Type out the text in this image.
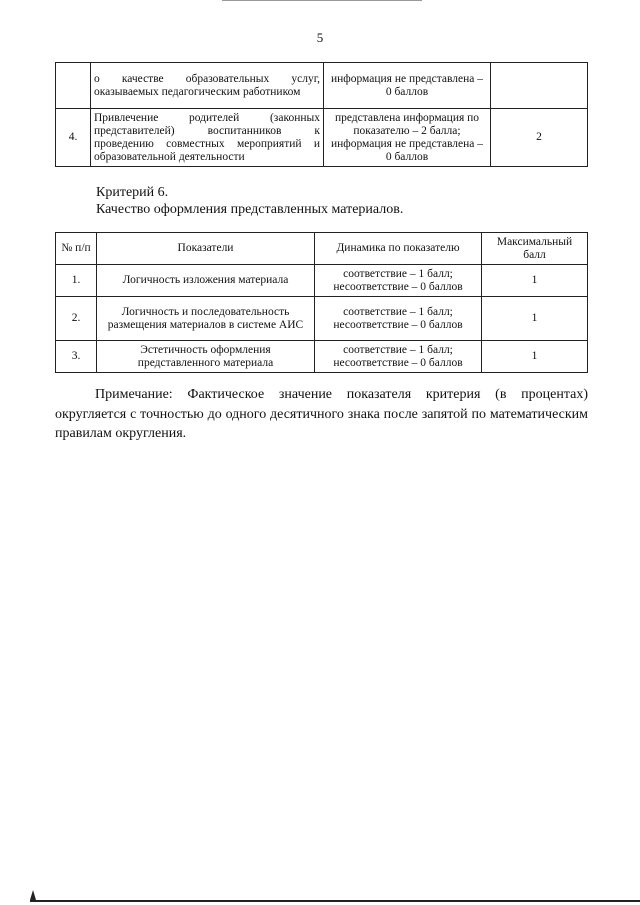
5
	о качестве образовательных услуг, оказываемых педагогическим работником	информация не представлена – 0 баллов	
4.	Привлечение родителей (законных представителей) воспитанников к проведению совместных мероприятий и образовательной деятельности	представлена информация по показателю – 2 балла; информация не представлена – 0 баллов	2
Критерий 6.
Качество оформления представленных материалов.
№ п/п	Показатели	Динамика по показателю	Максимальный балл
1.	Логичность изложения материала	соответствие – 1 балл; несоответствие – 0 баллов	1
2.	Логичность и последовательность размещения материалов в системе АИС	соответствие – 1 балл; несоответствие – 0 баллов	1
3.	Эстетичность оформления представленного материала	соответствие – 1 балл; несоответствие – 0 баллов	1
Примечание: Фактическое значение показателя критерия (в процентах) округляется с точностью до одного десятичного знака после запятой по математическим правилам округления.
